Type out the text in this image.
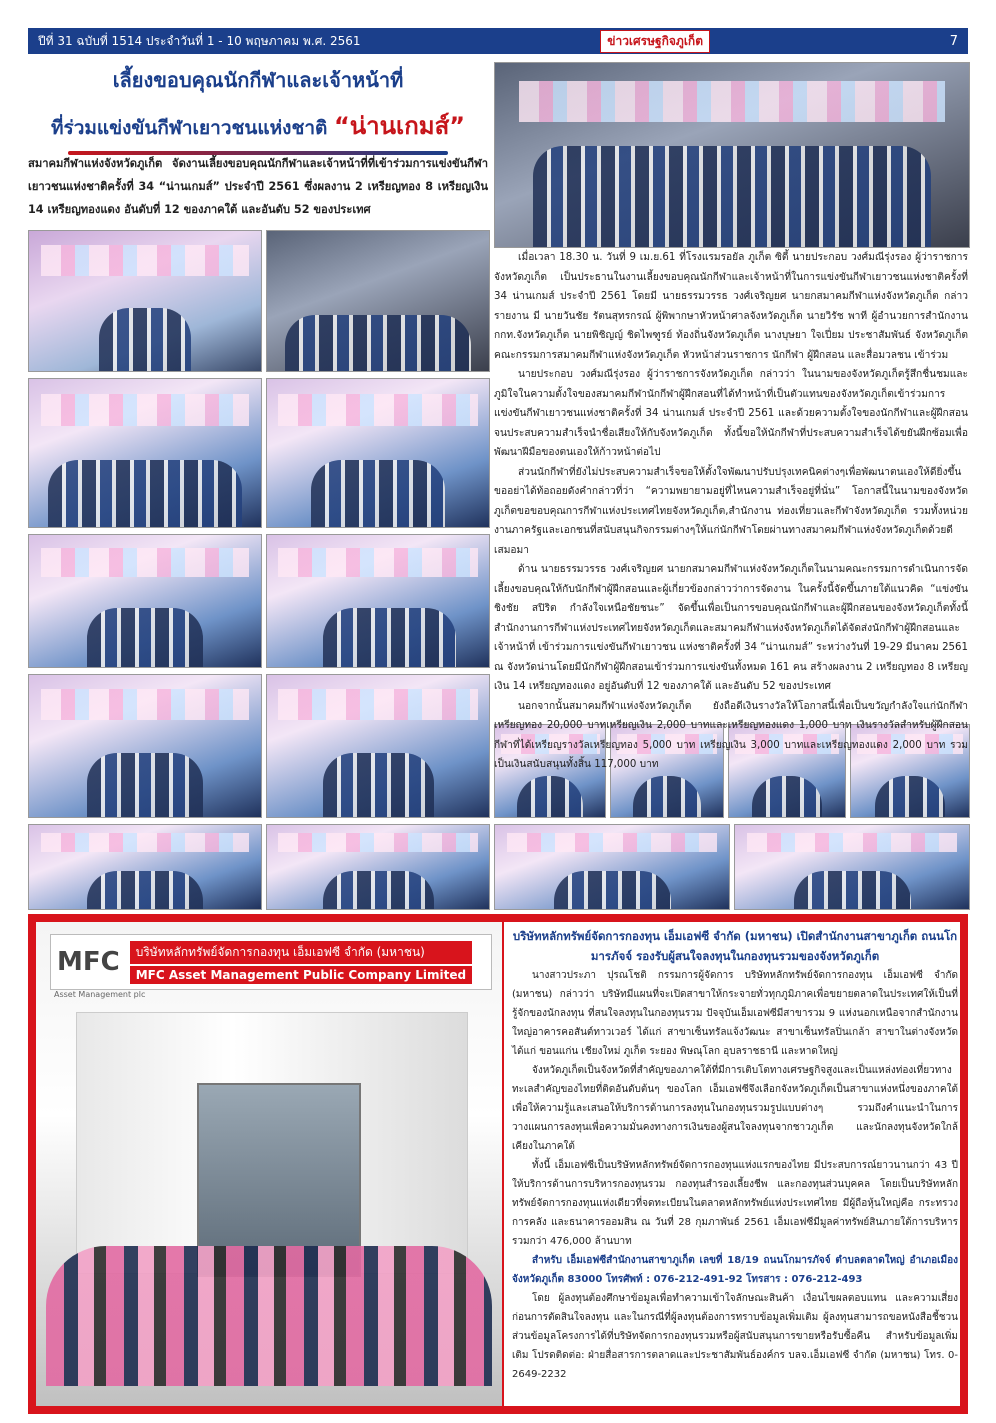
ปีที่ 31 ฉบับที่ 1514 ประจำวันที่ 1 - 10 พฤษภาคม พ.ศ. 2561	ข่าวเศรษฐกิจภูเก็ต	7
เลี้ยงขอบคุณนักกีฬาและเจ้าหน้าที่
ที่ร่วมแข่งขันกีฬาเยาวชนแห่งชาติ “น่านเกมส์”
สมาคมกีฬาแห่งจังหวัดภูเก็ต จัดงานเลี้ยงขอบคุณนักกีฬาและเจ้าหน้าที่ที่เข้าร่วมการแข่งขันกีฬาเยาวชนแห่งชาติครั้งที่ 34 “น่านเกมส์” ประจำปี 2561 ซึ่งผลงาน 2 เหรียญทอง 8 เหรียญเงิน 14 เหรียญทองแดง อันดับที่ 12 ของภาคใต้ และอันดับ 52 ของประเทศ

เมื่อเวลา 18.30 น. วันที่ 9 เม.ย.61 ที่โรงแรมรอยัล ภูเก็ต ซิตี้ นายประกอบ วงศ์มณีรุ่งรอง ผู้ว่าราชการจังหวัดภูเก็ต เป็นประธานในงานเลี้ยงขอบคุณนักกีฬาและเจ้าหน้าที่ในการแข่งขันกีฬาเยาวชนแห่งชาติครั้งที่ 34 น่านเกมส์ ประจำปี 2561 โดยมี นายธรรมวรรธ วงศ์เจริญยศ นายกสมาคมกีฬาแห่งจังหวัดภูเก็ต กล่าวรายงาน มี นายวันชัย รัตนสุทรกรณ์ ผู้พิพากษาหัวหน้าศาลจังหวัดภูเก็ต นายวิรัช พาที ผู้อำนวยการสำนักงาน กกท.จังหวัดภูเก็ต นายพิชิญญ์ ชิดไพฑูรย์ ท้องถิ่นจังหวัดภูเก็ต นางบุษยา ใจเปี่ยม ประชาสัมพันธ์ จังหวัดภูเก็ต คณะกรรมการสมาคมกีฬาแห่งจังหวัดภูเก็ต หัวหน้าส่วนราชการ นักกีฬา ผู้ฝึกสอน และสื่อมวลชน เข้าร่วม

นายประกอบ วงศ์มณีรุ่งรอง ผู้ว่าราชการจังหวัดภูเก็ต กล่าวว่า ในนามของจังหวัดภูเก็ตรู้สึกชื่นชมและภูมิใจในความตั้งใจของสมาคมกีฬานักกีฬาผู้ฝึกสอนที่ได้ทำหน้าที่เป็นตัวแทนของจังหวัดภูเก็ตเข้าร่วมการแข่งขันกีฬาเยาวชนแห่งชาติครั้งที่ 34 น่านเกมส์ ประจำปี 2561 และด้วยความตั้งใจของนักกีฬาและผู้ฝึกสอนจนประสบความสำเร็จนำชื่อเสียงให้กับจังหวัดภูเก็ต ทั้งนี้ขอให้นักกีฬาที่ประสบความสำเร็จได้ขยันฝึกซ้อมเพื่อพัฒนาฝีมือของตนเองให้ก้าวหน้าต่อไป

ส่วนนักกีฬาที่ยังไม่ประสบความสำเร็จขอให้ตั้งใจพัฒนาปรับปรุงเทคนิคต่างๆเพื่อพัฒนาตนเองให้ดียิ่งขึ้น ขออย่าได้ท้อถอยดังคำกล่าวที่ว่า “ความพยายามอยู่ที่ไหนความสำเร็จอยู่ที่นั่น” โอกาสนี้ในนามของจังหวัดภูเก็ตขอขอบคุณการกีฬาแห่งประเทศไทยจังหวัดภูเก็ต,สำนักงาน ท่องเที่ยวและกีฬาจังหวัดภูเก็ต รวมทั้งหน่วยงานภาครัฐและเอกชนที่สนับสนุนกิจกรรมต่างๆให้แก่นักกีฬาโดยผ่านทางสมาคมกีฬาแห่งจังหวัดภูเก็ตด้วยดีเสมอมา

ด้าน นายธรรมวรรธ วงศ์เจริญยศ นายกสมาคมกีฬาแห่งจังหวัดภูเก็ตในนามคณะกรรมการดำเนินการจัดเลี้ยงขอบคุณให้กับนักกีฬาผู้ฝึกสอนและผู้เกี่ยวข้องกล่าวว่าการจัดงาน ในครั้งนี้จัดขึ้นภายใต้แนวคิด “แข่งขันชิงชัย สปิริต กำลังใจเหนือชัยชนะ” จัดขึ้นเพื่อเป็นการขอบคุณนักกีฬาและผู้ฝึกสอนของจังหวัดภูเก็ตทั้งนี้สำนักงานการกีฬาแห่งประเทศไทยจังหวัดภูเก็ตและสมาคมกีฬาแห่งจังหวัดภูเก็ตได้จัดส่งนักกีฬาผู้ฝึกสอนและเจ้าหน้าที่ เข้าร่วมการแข่งขันกีฬาเยาวชน แห่งชาติครั้งที่ 34 “น่านเกมส์” ระหว่างวันที่ 19-29 มีนาคม 2561 ณ จังหวัดน่านโดยมีนักกีฬาผู้ฝึกสอนเข้าร่วมการแข่งขันทั้งหมด 161 คน สร้างผลงาน 2 เหรียญทอง 8 เหรียญเงิน 14 เหรียญทองแดง อยู่อันดับที่ 12 ของภาคใต้ และอันดับ 52 ของประเทศ

นอกจากนั้นสมาคมกีฬาแห่งจังหวัดภูเก็ต ยังถือดีเงินรางวัลให้โอกาสนี้เพื่อเป็นขวัญกำลังใจแก่นักกีฬาเหรียญทอง 20,000 บาทเหรียญเงิน 2,000 บาทและเหรียญทองแดง 1,000 บาท เงินรางวัลสำหรับผู้ฝึกสอนกีฬาที่ได้เหรียญรางวัลเหรียญทอง 5,000 บาท เหรียญเงิน 3,000 บาทและเหรียญทองแดง 2,000 บาท รวมเป็นเงินสนับสนุนทั้งสิ้น 117,000 บาท

MFC	บริษัทหลักทรัพย์จัดการกองทุน เอ็มเอฟซี จำกัด (มหาชน)
MFC Asset Management Public Company Limited
Asset Management plc
บริษัทหลักทรัพย์จัดการกองทุน เอ็มเอฟซี จำกัด (มหาชน) เปิดสำนักงานสาขาภูเก็ต ถนนโกมารภัจจ์ รองรับผู้สนใจลงทุนในกองทุนรวมของจังหวัดภูเก็ต

นางสาวประภา ปุรณโชติ กรรมการผู้จัดการ บริษัทหลักทรัพย์จัดการกองทุน เอ็มเอฟซี จำกัด (มหาชน) กล่าวว่า บริษัทมีแผนที่จะเปิดสาขาให้กระจายทั่วทุกภูมิภาคเพื่อขยายตลาดในประเทศให้เป็นที่รู้จักของนักลงทุน ที่สนใจลงทุนในกองทุนรวม ปัจจุบันเอ็มเอฟซีมีสาขารวม 9 แห่งนอกเหนือจากสำนักงานใหญ่อาคารคอสันต์ทาวเวอร์ ได้แก่ สาขาเซ็นทรัลแจ้งวัฒนะ สาขาเซ็นทรัลปิ่นเกล้า สาขาในต่างจังหวัดได้แก่ ขอนแก่น เชียงใหม่ ภูเก็ต ระยอง พิษณุโลก อุบลราชธานี และหาดใหญ่

จังหวัดภูเก็ตเป็นจังหวัดที่สำคัญของภาคใต้ที่มีการเติบโตทางเศรษฐกิจสูงและเป็นแหล่งท่องเที่ยวทางทะเลสำคัญของไทยที่ติดอันดับต้นๆ ของโลก เอ็มเอฟซีจึงเลือกจังหวัดภูเก็ตเป็นสาขาแห่งหนึ่งของภาคใต้ เพื่อให้ความรู้และเสนอให้บริการด้านการลงทุนในกองทุนรวมรูปแบบต่างๆ รวมถึงคำแนะนำในการวางแผนการลงทุนเพื่อความมั่นคงทางการเงินของผู้สนใจลงทุนจากชาวภูเก็ต และนักลงทุนจังหวัดใกล้เคียงในภาคใต้

ทั้งนี้ เอ็มเอฟซีเป็นบริษัทหลักทรัพย์จัดการกองทุนแห่งแรกของไทย มีประสบการณ์ยาวนานกว่า 43 ปี ให้บริการด้านการบริหารกองทุนรวม กองทุนสำรองเลี้ยงชีพ และกองทุนส่วนบุคคล โดยเป็นบริษัทหลักทรัพย์จัดการกองทุนแห่งเดียวที่จดทะเบียนในตลาดหลักทรัพย์แห่งประเทศไทย มีผู้ถือหุ้นใหญ่คือ กระทรวงการคลัง และธนาคารออมสิน ณ วันที่ 28 กุมภาพันธ์ 2561 เอ็มเอฟซีมีมูลค่าทรัพย์สินภายใต้การบริหารรวมกว่า 476,000 ล้านบาท

สำหรับ เอ็มเอฟซีสำนักงานสาขาภูเก็ต เลขที่ 18/19 ถนนโกมารภัจจ์ ตำบลตลาดใหญ่ อำเภอเมือง จังหวัดภูเก็ต 83000 โทรศัพท์ : 076-212-491-92 โทรสาร : 076-212-493

โดย ผู้ลงทุนต้องศึกษาข้อมูลเพื่อทำความเข้าใจลักษณะสินค้า เงื่อนไขผลตอบแทน และความเสี่ยงก่อนการตัดสินใจลงทุน และในกรณีที่ผู้ลงทุนต้องการทราบข้อมูลเพิ่มเติม ผู้ลงทุนสามารถขอหนังสือชี้ชวนส่วนข้อมูลโครงการได้ที่บริษัทจัดการกองทุนรวมหรือผู้สนับสนุนการขายหรือรับซื้อคืน สำหรับข้อมูลเพิ่มเติม โปรดติดต่อ: ฝ่ายสื่อสารการตลาดและประชาสัมพันธ์องค์กร บลจ.เอ็มเอฟซี จำกัด (มหาชน) โทร. 0-2649-2232
